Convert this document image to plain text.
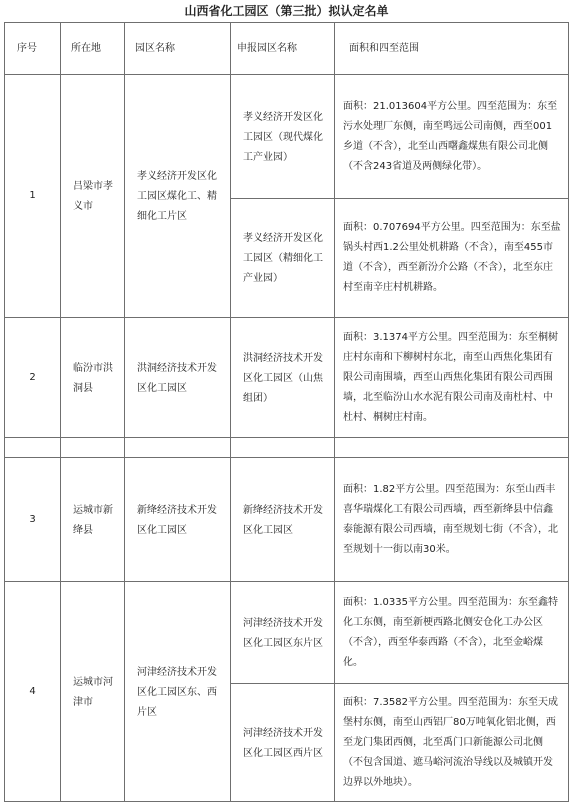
山西省化工园区（第三批）拟认定名单
序号	所在地	园区名称	申报园区名称	面积和四至范围

1	吕梁市孝义市	孝义经济开发区化工园区煤化工、精细化工片区	孝义经济开发区化工园区（现代煤化工产业园）	面积：21.013604平方公里。四至范围为：东至污水处理厂东侧，南至鸣远公司南侧，西至001乡道（不含），北至山西曙鑫煤焦有限公司北侧（不含243省道及两侧绿化带）。

			孝义经济开发区化工园区（精细化工产业园）	面积：0.707694平方公里。四至范围为：东至盐锅头村西1.2公里处机耕路（不含），南至455市道（不含），西至新汾介公路（不含），北至东庄村至南辛庄村机耕路。

2	临汾市洪洞县	洪洞经济技术开发区化工园区	洪洞经济技术开发区化工园区（山焦组团）	面积：3.1374平方公里。四至范围为：东至桐树庄村东南和下柳树村东北，南至山西焦化集团有限公司南围墙，西至山西焦化集团有限公司西围墙，北至临汾山水水泥有限公司南及南杜村、中杜村、桐树庄村南。

3	运城市新绛县	新绛经济技术开发区化工园区	新绛经济技术开发区化工园区	面积：1.82平方公里。四至范围为：东至山西丰喜华瑞煤化工有限公司西墙，西至新绛县中信鑫泰能源有限公司西墙，南至规划七街（不含），北至规划十一街以南30米。

4	运城市河津市	河津经济技术开发区化工园区东、西片区	河津经济技术开发区化工园区东片区	面积：1.0335平方公里。四至范围为：东至鑫特化工东侧，南至新梗西路北侧安仓化工办公区（不含），西至华泰西路（不含），北至金峪煤化。

			河津经济技术开发区化工园区西片区	面积：7.3582平方公里。四至范围为：东至天成堡村东侧，南至山西铝厂80万吨氧化铝北侧，西至龙门集团西侧，北至禹门口新能源公司北侧（不包含国道、遮马峪河流治导线以及城镇开发边界以外地块）。
